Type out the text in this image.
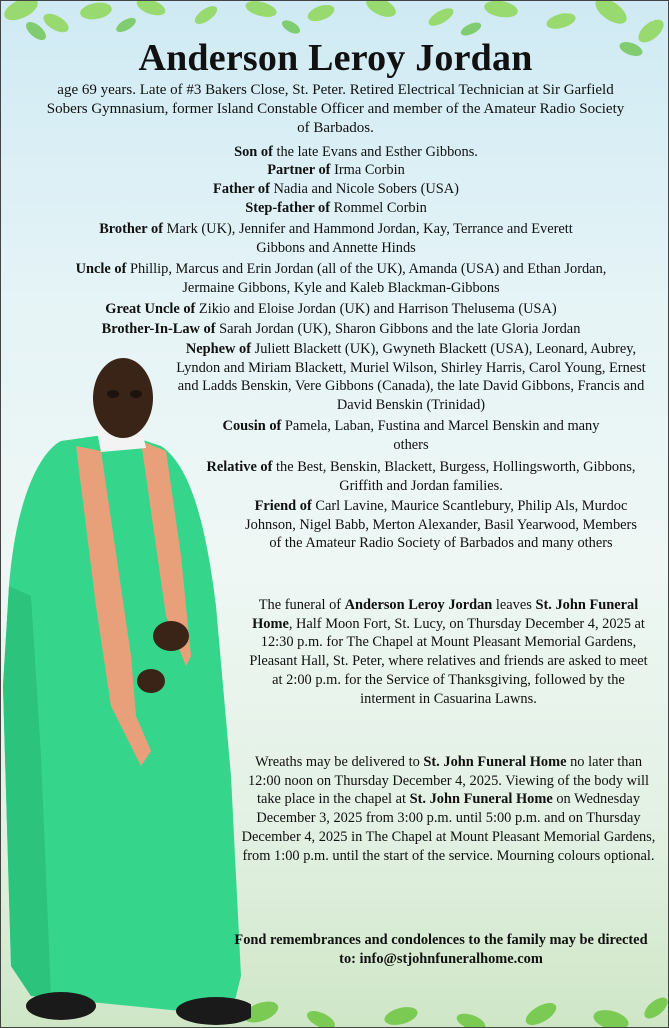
Anderson Leroy Jordan
age 69 years. Late of #3 Bakers Close, St. Peter. Retired Electrical Technician at Sir Garfield Sobers Gymnasium, former Island Constable Officer and member of the Amateur Radio Society of Barbados.
Son of the late Evans and Esther Gibbons.
Partner of Irma Corbin
Father of Nadia and Nicole Sobers (USA)
Step-father of Rommel Corbin
Brother of Mark (UK), Jennifer and Hammond Jordan, Kay, Terrance and Everett Gibbons and Annette Hinds
Uncle of Phillip, Marcus and Erin Jordan (all of the UK), Amanda (USA) and Ethan Jordan, Jermaine Gibbons, Kyle and Kaleb Blackman-Gibbons
Great Uncle of Zikio and Eloise Jordan (UK) and Harrison Thelusema (USA)
Brother-In-Law of Sarah Jordan (UK), Sharon Gibbons and the late Gloria Jordan
Nephew of Juliett Blackett (UK), Gwyneth Blackett (USA), Leonard, Aubrey, Lyndon and Miriam Blackett, Muriel Wilson, Shirley Harris, Carol Young, Ernest and Ladds Benskin, Vere Gibbons (Canada), the late David Gibbons, Francis and David Benskin (Trinidad)
Cousin of Pamela, Laban, Fustina and Marcel Benskin and many others
Relative of the Best, Benskin, Blackett, Burgess, Hollingsworth, Gibbons, Griffith and Jordan families.
Friend of Carl Lavine, Maurice Scantlebury, Philip Als, Murdoc Johnson, Nigel Babb, Merton Alexander, Basil Yearwood, Members of the Amateur Radio Society of Barbados and many others
The funeral of Anderson Leroy Jordan leaves St. John Funeral Home, Half Moon Fort, St. Lucy, on Thursday December 4, 2025 at 12:30 p.m. for The Chapel at Mount Pleasant Memorial Gardens, Pleasant Hall, St. Peter, where relatives and friends are asked to meet at 2:00 p.m. for the Service of Thanksgiving, followed by the interment in Casuarina Lawns.
Wreaths may be delivered to St. John Funeral Home no later than 12:00 noon on Thursday December 4, 2025. Viewing of the body will take place in the chapel at St. John Funeral Home on Wednesday December 3, 2025 from 3:00 p.m. until 5:00 p.m. and on Thursday December 4, 2025 in The Chapel at Mount Pleasant Memorial Gardens, from 1:00 p.m. until the start of the service. Mourning colours optional.
Fond remembrances and condolences to the family may be directed to: info@stjohnfuneralhome.com
